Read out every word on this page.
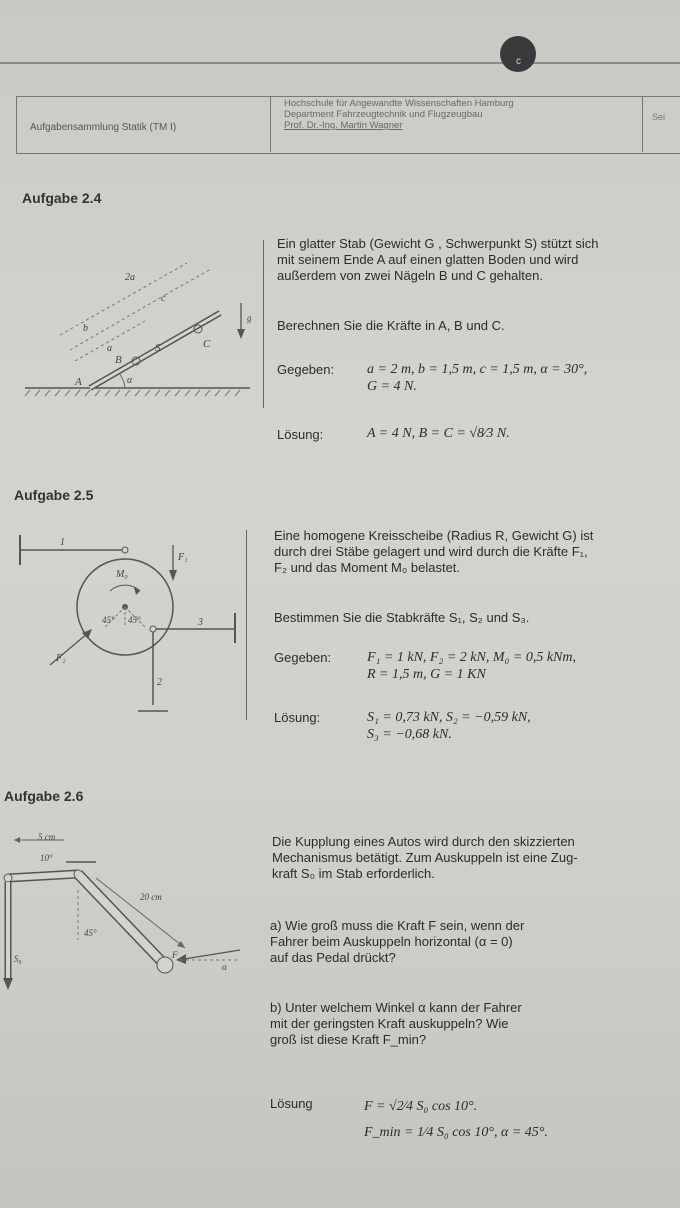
c
Aufgabensammlung Statik (TM I)
Hochschule für Angewandte Wissenschaften Hamburg
Department Fahrzeugtechnik und Flugzeugbau
Prof. Dr.-Ing. Martin Wagner
Sei
Aufgabe 2.4
2a
b
c
a
B
C
S
A	α
g
Ein glatter Stab (Gewicht G , Schwerpunkt S) stützt sich
mit seinem Ende A auf einen glatten Boden und wird
außerdem von zwei Nägeln B und C gehalten.
Berechnen Sie die Kräfte in A, B und C.
Gegeben: a = 2 m, b = 1,5 m, c = 1,5 m, α = 30°,
G = 4 N.
Lösung:	A = 4 N, B = C = √8⁄3 N.
Aufgabe 2.5
1
2
3
F₁
F₂
M₀
45° 45°
Eine homogene Kreisscheibe (Radius R, Gewicht G) ist
durch drei Stäbe gelagert und wird durch die Kräfte F₁,
F₂ und das Moment M₀ belastet.
Bestimmen Sie die Stabkräfte S₁, S₂ und S₃.
Gegeben:	F₁ = 1 kN, F₂ = 2 kN, M₀ = 0,5 kNm,
R = 1,5 m, G = 1 KN
Lösung:	S₁ = 0,73 kN, S₂ = −0,59 kN,
S₃ = −0,68 kN.
Aufgabe 2.6
5 cm
10°
20 cm
45°
S₀	F
α
Die Kupplung eines Autos wird durch den skizzierten
Mechanismus betätigt. Zum Auskuppeln ist eine Zug-
kraft S₀ im Stab erforderlich.
a) Wie groß muss die Kraft F sein, wenn der
Fahrer beim Auskuppeln horizontal (α = 0)
auf das Pedal drückt?
b) Unter welchem Winkel α kann der Fahrer
mit der geringsten Kraft auskuppeln? Wie
groß ist diese Kraft F_min?
Lösung	F = √2⁄4 S₀ cos 10°.
F_min = 1⁄4 S₀ cos 10°, α = 45°.
